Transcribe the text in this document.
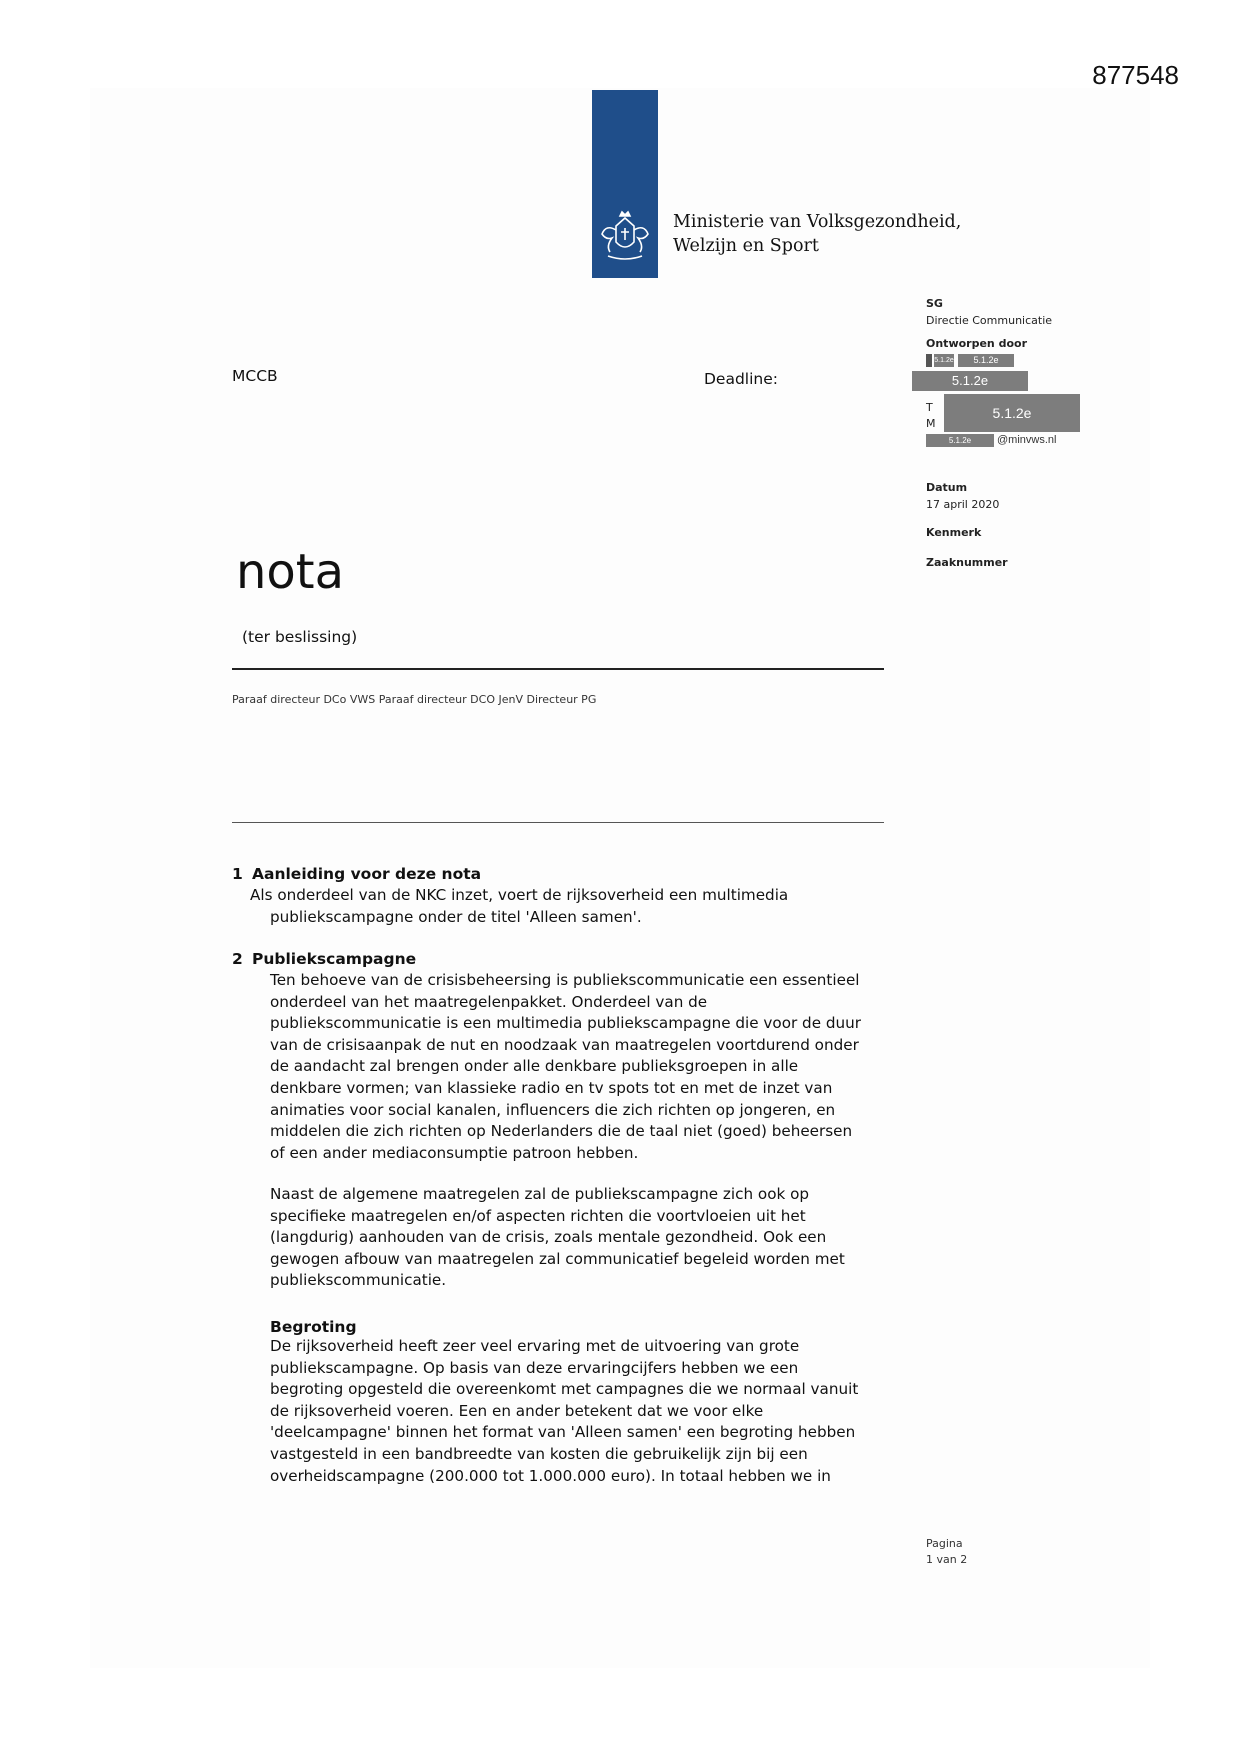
877548
Ministerie van Volksgezondheid,
Welzijn en Sport
SG
Directie Communicatie
Ontworpen door
5.1.2e	5.1.2e
5.1.2e
T
M
5.1.2e
5.1.2e	@minvws.nl
Datum
17 april 2020
Kenmerk
Zaaknummer
MCCB	Deadline:
nota
(ter beslissing)
Paraaf directeur DCo VWS Paraaf directeur DCO JenV Directeur PG
1 Aanleiding voor deze nota
Als onderdeel van de NKC inzet, voert de rijksoverheid een multimedia
publiekscampagne onder de titel 'Alleen samen'.
2 Publiekscampagne
Ten behoeve van de crisisbeheersing is publiekscommunicatie een essentieel
onderdeel van het maatregelenpakket. Onderdeel van de
publiekscommunicatie is een multimedia publiekscampagne die voor de duur
van de crisisaanpak de nut en noodzaak van maatregelen voortdurend onder
de aandacht zal brengen onder alle denkbare publieksgroepen in alle
denkbare vormen; van klassieke radio en tv spots tot en met de inzet van
animaties voor social kanalen, influencers die zich richten op jongeren, en
middelen die zich richten op Nederlanders die de taal niet (goed) beheersen
of een ander mediaconsumptie patroon hebben.
Naast de algemene maatregelen zal de publiekscampagne zich ook op
specifieke maatregelen en/of aspecten richten die voortvloeien uit het
(langdurig) aanhouden van de crisis, zoals mentale gezondheid. Ook een
gewogen afbouw van maatregelen zal communicatief begeleid worden met
publiekscommunicatie.
Begroting
De rijksoverheid heeft zeer veel ervaring met de uitvoering van grote
publiekscampagne. Op basis van deze ervaringcijfers hebben we een
begroting opgesteld die overeenkomt met campagnes die we normaal vanuit
de rijksoverheid voeren. Een en ander betekent dat we voor elke
'deelcampagne' binnen het format van 'Alleen samen' een begroting hebben
vastgesteld in een bandbreedte van kosten die gebruikelijk zijn bij een
overheidscampagne (200.000 tot 1.000.000 euro). In totaal hebben we in
Pagina
1 van 2
